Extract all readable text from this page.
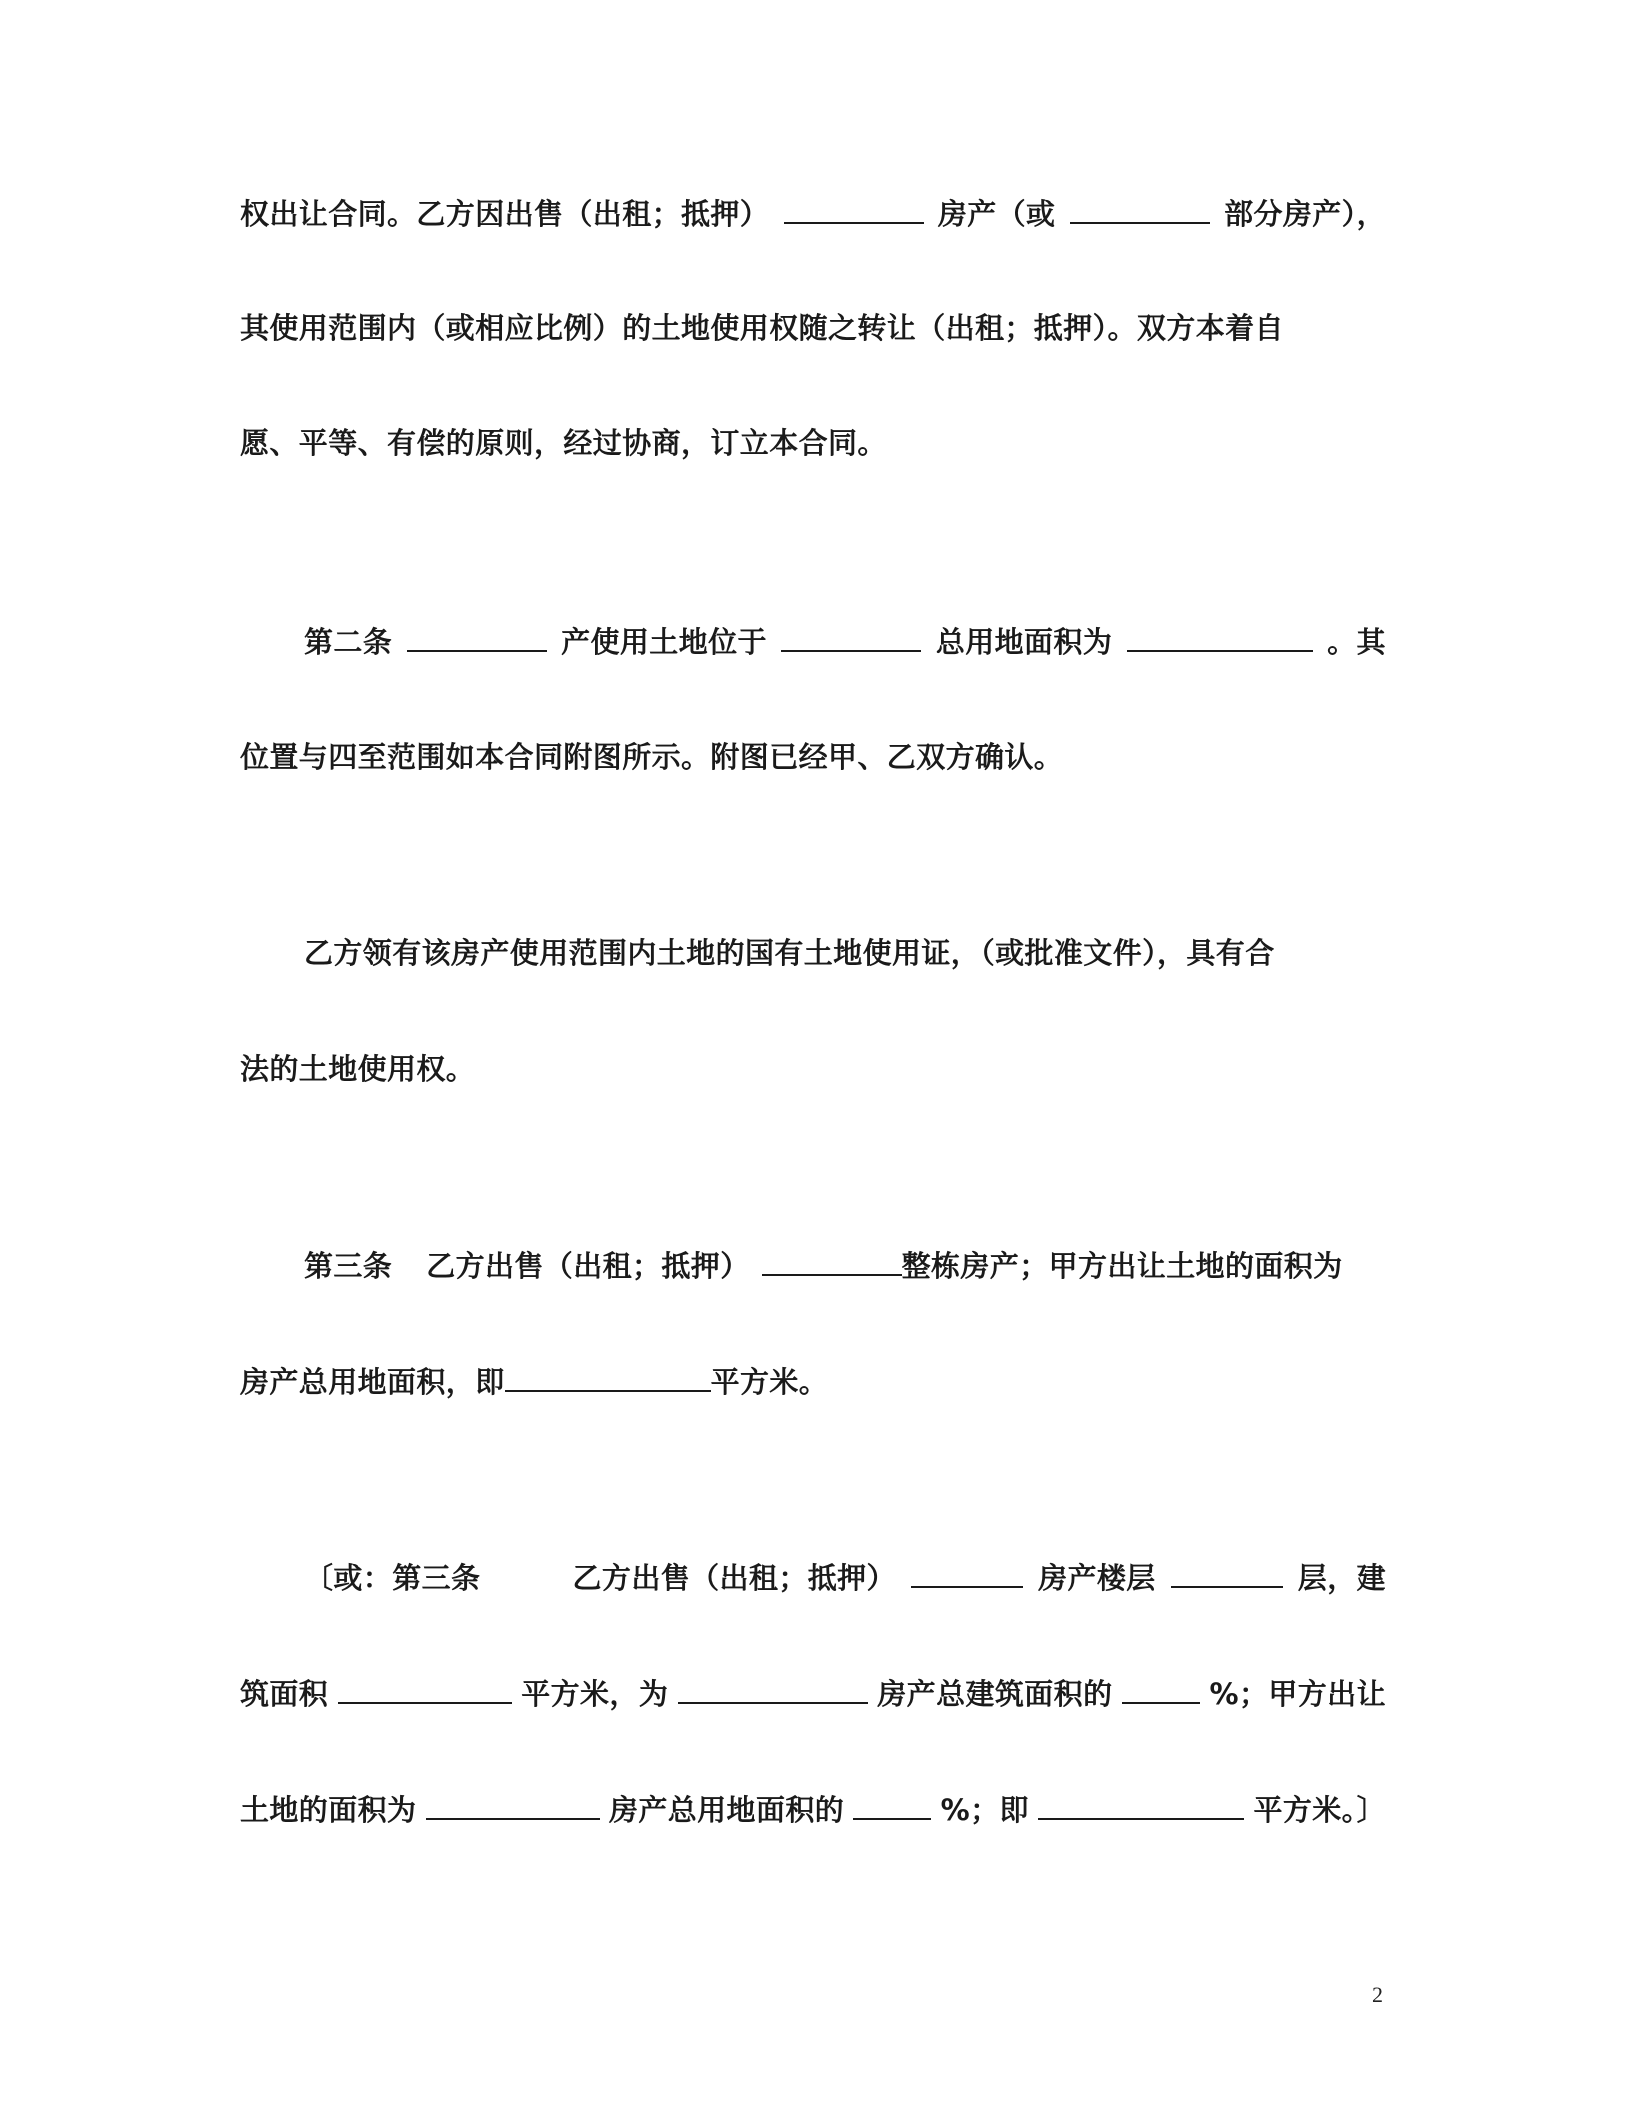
权出让合同。乙方因出售（出租；抵押）	房产（或	部分房产），
其使用范围内（或相应比例）的土地使用权随之转让（出租；抵押）。双方本着自
愿、平等、有偿的原则，经过协商，订立本合同。
第二条	产使用土地位于	总用地面积为	。其
位置与四至范围如本合同附图所示。附图已经甲、乙双方确认。
乙方领有该房产使用范围内土地的国有土地使用证，（或批准文件），具有合
法的土地使用权。
第三条 乙方出售（出租；抵押）	整栋房产；甲方出让土地的面积为
房产总用地面积，即	平方米。
〔或：第三条	乙方出售（出租；抵押）	房产楼层	层，建
筑面积	平方米，为	房产总建筑面积的	%；甲方出让
土地的面积为	房产总用地面积的	%；即	平方米。〕
2
